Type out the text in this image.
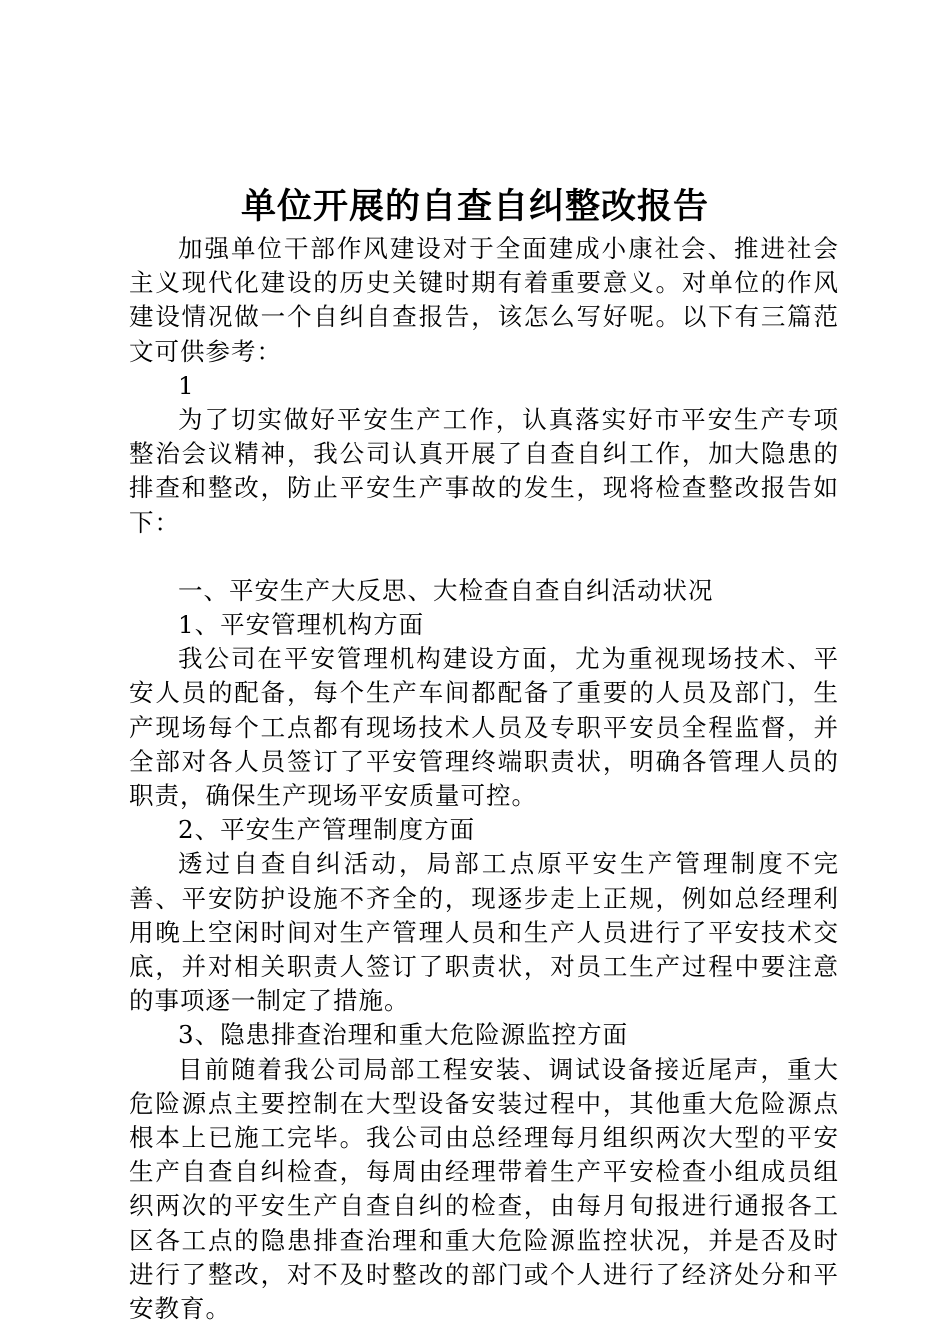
单位开展的自查自纠整改报告

加强单位干部作风建设对于全面建成小康社会、推进社会主义现代化建设的历史关键时期有着重要意义。对单位的作风建设情况做一个自纠自查报告，该怎么写好呢。以下有三篇范文可供参考：

1

为了切实做好平安生产工作，认真落实好市平安生产专项整治会议精神，我公司认真开展了自查自纠工作，加大隐患的排查和整改，防止平安生产事故的发生，现将检查整改报告如下：

一、平安生产大反思、大检查自查自纠活动状况

1、平安管理机构方面

我公司在平安管理机构建设方面，尤为重视现场技术、平安人员的配备，每个生产车间都配备了重要的人员及部门，生产现场每个工点都有现场技术人员及专职平安员全程监督，并全部对各人员签订了平安管理终端职责状，明确各管理人员的职责，确保生产现场平安质量可控。

2、平安生产管理制度方面

透过自查自纠活动，局部工点原平安生产管理制度不完善、平安防护设施不齐全的，现逐步走上正规，例如总经理利用晚上空闲时间对生产管理人员和生产人员进行了平安技术交底，并对相关职责人签订了职责状，对员工生产过程中要注意的事项逐一制定了措施。

3、隐患排查治理和重大危险源监控方面

目前随着我公司局部工程安装、调试设备接近尾声，重大危险源点主要控制在大型设备安装过程中，其他重大危险源点根本上已施工完毕。我公司由总经理每月组织两次大型的平安生产自查自纠检查，每周由经理带着生产平安检查小组成员组织两次的平安生产自查自纠的检查，由每月旬报进行通报各工区各工点的隐患排查治理和重大危险源监控状况，并是否及时进行了整改，对不及时整改的部门或个人进行了经济处分和平安教育。
